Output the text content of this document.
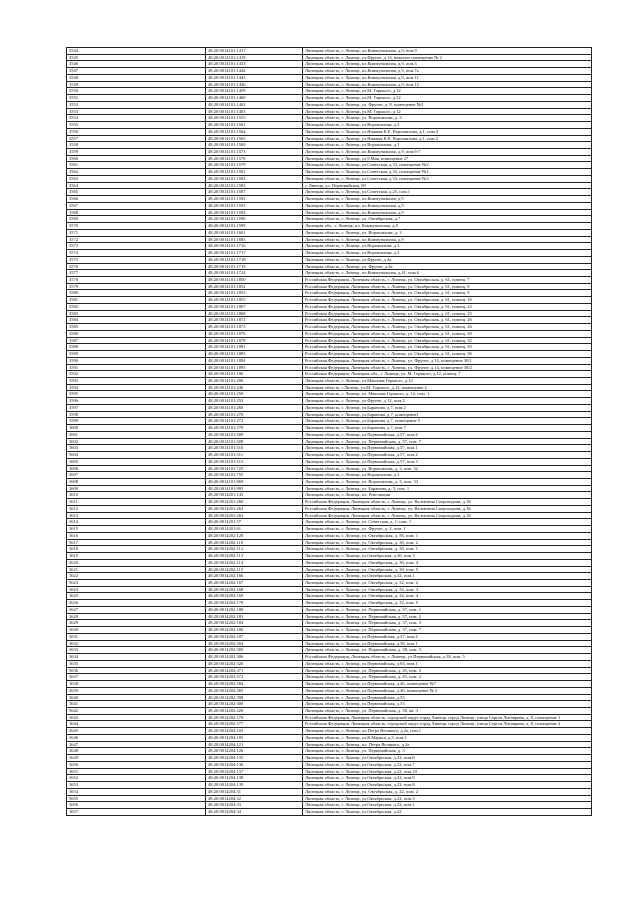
3544	48:20:0014101:1417	Липецкая область, г. Липецк, пл.Коммунальная, д.9, пом.9
3545	48:20:0014101:1419	Липецкая область, г. Липецк, ул.Фрунзе, д.14, нежилое помещение № 2
3546	48:20:0014101:1433	Липецкая область, г. Липецк, пл.Коммунальная, д.9, пом.3
3547	48:20:0014101:1444	Липецкая область, г. Липецк, пл.Коммунальная, д.9, пом.7а
3548	48:20:0014101:1445	Липецкая область, г. Липецк, пл.Коммунальная, д.9, пом.11
3549	48:20:0014101:1446	Липецкая область, г. Липецк, пл.Коммунальная, д.9, пом.12
3550	48:20:0014101:1459	Липецкая область, г. Липецк, ул.М. Горького, д.12
3551	48:20:0014101:1460	Липецкая область, г. Липецк, ул.М. Горького, д.12
3552	48:20:0014101:1462	Липецкая область, г. Липецк, ул. Фрунзе, д. 8, помещение №3
3553	48:20:0014101:1463	Липецкая область, г. Липецк, ул.М. Горького, д.12
3554	48:20:0014101:1555	Липецкая область, г. Липецк, ул. Ворошилова, д. 3
3555	48:20:0014101:1561	Липецкая область, г. Липецк, ул.Ворошилова, д.3
3556	48:20:0014101:1564	Липецкая область, г. Липецк, ул.Нижняя К.Е. Ворошилова, д.1, пом.4
3557	48:20:0014101:1565	Липецкая область, г. Липецк, ул.Нижняя К.Е. Ворошилова, д.1, пом.2
3558	48:20:0014101:1569	Липецкая область, г. Липецк, ул.Ворошилова, д.1
3559	48:20:0014101:1573	Липецкая область, г. Липецк, пл.Коммунальная, д.9, пом.6-7
3560	48:20:0014101:1578	Липецкая область, г. Липецк, ул.9 Мая, помещение 27
3561	48:20:0014101:1579	Липецкая область, г. Липецк, ул.Советская, д.33, помещение №2
3562	48:20:0014101:1581	Липецкая область, г. Липецк, ул.Советская, д.33, помещение №1
3563	48:20:0014101:1582	Липецкая область, г. Липецк, ул.Советская, д.33, помещение №3
3564	48:20:0014101:1583	г. Липецк, ул. Первомайская, 80
3565	48:20:0014101:1587	Липецкая область, г. Липецк, ул.Советская, д.25, пом.1
3566	48:20:0014101:1592	Липецкая область, г. Липецк, пл.Коммунальная, д.9
3567	48:20:0014101:1593	Липецкая область, г. Липецк, пл.Коммунальная, д.9
3568	48:20:0014101:1594	Липецкая область, г. Липецк, пл.Коммунальная, д.9
3569	48:20:0014101:1596	Липецкая область, г. Липецк, ул. Октябрьская, д.7
3570	48:20:0014101:1599	Липецкая обл., г. Липецк, пл. Коммунальная, д.9
3571	48:20:0014101:1601	Липецкая область, г. Липецк, ул. Ворошилова, д. 3
3572	48:20:0014101:1685	Липецкая область, г. Липецк, пл.Коммунальная, д.9
3573	48:20:0014101:1716	Липецкая область, г. Липецк, ул.Ворошилова, д.3
3574	48:20:0014101:1717	Липецкая область, г. Липецк, ул.Ворошилова, д.3
3575	48:20:0014101:1718	Липецкая область, г. Липецк, ул.Фрунзе, д.4а
3576	48:20:0014101:1719	Липецкая область, г. Липецк, ул. Фрунзе, д.4а
3577	48:20:0014101:1724	Липецкая область, г. Липецк, пл.Коммунальная, д.41, пом.6
3578	48:20:0014101:1850	Российская Федерация, Липецкая область, г. Липецк, ул. Октябрьская, д. 61, помещ. 7
3579	48:20:0014101:1852	Российская Федерация, Липецкая область, г. Липецк, ул. Октябрьская, д. 61, помещ. 8
3580	48:20:0014101:1853	Российская Федерация, Липецкая область, г. Липецк, ул. Октябрьская, д. 61, помещ. 9
3581	48:20:0014101:1855	Российская Федерация, Липецкая область, г. Липецк, ул. Октябрьская, д. 61, помещ. 16
3582	48:20:0014101:1867	Российская Федерация, Липецкая область, г. Липецк, ул. Октябрьская, д. 61, помещ. 22
3583	48:20:0014101:1868	Российская Федерация, Липецкая область, г. Липецк, ул. Октябрьская, д. 61, помещ. 23
3584	48:20:0014101:1872	Российская Федерация, Липецкая область, г. Липецк, ул. Октябрьская, д. 61, помещ. 26
3585	48:20:0014101:1873	Российская Федерация, Липецкая область, г. Липецк, ул. Октябрьская, д. 61, помещ. 26
3586	48:20:0014101:1876	Российская Федерация, Липецкая область, г. Липецк, ул. Октябрьская, д. 61, помещ. 30
3587	48:20:0014101:1878	Российская Федерация, Липецкая область, г. Липецк, ул. Октябрьская, д. 61, помещ. 32
3588	48:20:0014101:1881	Российская Федерация, Липецкая область, г. Липецк, ул. Октябрьская, д. 61, помещ. 35
3589	48:20:0014101:1885	Российская Федерация, Липецкая область, г. Липецк, ул. Октябрьская, д. 61, помещ. 36
3590	48:20:0014101:1894	Российская Федерация, Липецкая область, г. Липецк, ул. Фрунзе, д.14, помещение 30/1
3591	48:20:0014101:1895	Российская Федерация, Липецкая область, г. Липецк, ул. Фрунзе, д.14, помещение 30/2
3592	48:20:0014101:196	Российская Федерация, Липецкая обл., г. Липецк, ул. М. Горького, д.12, помещ. 7
3593	48:20:0014101:206	Липецкая область, г. Липецк, ул.Максима Горького, д.12
3594	48:20:0014101:246	Липецкая область, г.Липецк, ул.М. Горького, д.12, помещение 2
3595	48:20:0014101:250	Липецкая область, г. Липецк, ул. Максима Горького, д. 12, пом. 1
3596	48:20:0014101:253	Липецкая область, г. Липецк, ул.Фрунзе, д.12, пом.2
3597	48:20:0014101:260	Липецкая область, г. Липецк, ул.Баранова, д.7, пом.2
3598	48:20:0014101:270	Липецкая область, г. Липецк, ул.Баранова, д.7, помещение1
3599	48:20:0014101:272	Липецкая область, г. Липецк, ул.Баранова, д.7, помещение 5
3600	48:20:0014101:279	Липецкая область, г. Липецк, ул.Баранова, д.7, пом.7
3601	48:20:0014101:500	Липецкая область, г. Липецк, ул.Первомайская, д.57, пом.4
3602	48:20:0014101:508	Липецкая область, г. Липецк, ул. Первомайская, д. 57, пом. 7
3603	48:20:0014101:510	Липецкая область, г. Липецк, ул.Первомайская, д.57, пом.1
3604	48:20:0014101:511	Липецкая область, г. Липецк, ул.Первомайская, д.57, пом.2
3605	48:20:0014101:513	Липецкая область, г. Липецк, ул.Первомайская, д.57, пом.3
3606	48:20:0014101:725	Липецкая область, г. Липецк, ул. Ворошилова, д. 3, пом. 32
3607	48:20:0014101:755	Липецкая область, г. Липецк, ул.Ворошилова, д.3
3608	48:20:0014101:869	Липецкая область, г. Липецк, ул. Ворошилова, д. 3, пом. 33
3609	48:20:0014101:995	Липецкая область, г. Липецк, ул. Баранова, д. 5, пом. 1
3610	48:20:0014201:143	Липецкая область, г. Липецк, пл. Революции
3611	48:20:0014201:260	Российская Федерация, Липецкая область, г. Липецк, ул. Валентина Скороходова, д.1Б
3612	48:20:0014201:262	Российская Федерация, Липецкая область, г. Липецк, ул. Валентина Скороходова, д.1Б
3613	48:20:0014201:263	Российская Федерация, Липецкая область, г. Липецк, ул. Валентина Скороходова, д.1Б
3614	48:20:0014201:57	Липецкая область, г. Липецк, ул. Советская, д. 1, пом. 1
3615	48:20:0014201:61	Липецкая область, г. Липецк, ул. Фрунзе, д. 2, пом. 1
3616	48:20:0014202:128	Липецкая область, г. Липецк, ул. Октябрьская, д. 56, пом. 1
3617	48:20:0014202:110	Липецкая область, г. Липецк, ул. Октябрьская, д. 30, пом. 2
3618	48:20:0014202:112	Липецкая область, г. Липецк, ул. Октябрьская, д. 30, пом. 1
3619	48:20:0014202:113	Липецкая область, г. Липецк, ул.Октябрьская, д.30, пом.3
3620	48:20:0014202:114	Липецкая область, г. Липецк, ул. Октябрьская, д. 30, пом. 4
3621	48:20:0014202:115	Липецкая область, г. Липецк, ул. Октябрьская, д. 30, пом. 5
3622	48:20:0014202:166	Липецкая область, г. Липецк, ул.Октябрьская, д.32, пом.1
3623	48:20:0014202:167	Липецкая область, г. Липецк, ул. Октябрьская, д. 32, пом. 2
3624	48:20:0014202:168	Липецкая область, г. Липецк, ул. Октябрьская, д. 32, пом. 3
3625	48:20:0014202:169	Липецкая область, г. Липецк, ул. Октябрьская, д. 32, пом. 4
3626	48:20:0014202:170	Липецкая область, г. Липецк, ул. Октябрьская, д. 32, пом. 5
3627	48:20:0014202:180	Липецкая область, г. Липецк, ул. Первомайская, д. 37, пом. 1
3628	48:20:0014202:183	Липецкая область, г. Липецк, ул. Первомайская, д. 37, пом. 2
3629	48:20:0014202:184	Липецкая область, г. Липецк, ул. Первомайская, д. 37, пом. 3
3630	48:20:0014202:186	Липецкая область, г. Липецк, ул. Первомайская, д. 37, пом. 7
3631	48:20:0014202:187	Липецкая область, г. Липецк, ул.Первомайская, д.37, пом.4
3632	48:20:0014202:304	Липецкая область, г. Липецк, ул.Первомайская, д.38, пом.1
3633	48:20:0014202:305	Липецкая область, г. Липецк, ул. Первомайская, д. 38, пом. 3
3634	48:20:0014202:306	Российская Федерация, Липецкая область, г. Липецк, ул.Первомайская, д.38, пом. 5
3635	48:20:0014202:326	Липецкая область, г. Липецк, ул.Первомайская, д.63, пом.1
3636	48:20:0014202:371	Липецкая область, г. Липецк, ул. Первомайская, д. 45, пом. 3
3637	48:20:0014202:372	Липецкая область, г. Липецк, ул. Первомайская, д. 45, пом. 2
3638	48:20:0014202:384	Липецкая область, г. Липецк, ул.Первомайская, д.46, помещение №7
3639	48:20:0014202:385	Липецкая область, г. Липецк, ул.Первомайская, д.46, помещение № 3
3640	48:20:0014202:398	Липецкая область, г. Липецк, ул.Первомайская, д.53
3641	48:20:0014202:400	Липецкая область, г. Липецк, ул.Первомайская, д.53
3642	48:20:0014202:420	Липецкая область, г. Липецк, ул. Первомайская, д. 38, кв. 3
3643	48:20:0014202:576	Российская Федерация, Липецкая область, городской округ город Липецк, город Липецк, улица Сергея Литаврина, д. 8, помещение 1
3644	48:20:0014202:577	Российская Федерация, Липецкая область, городской округ город Липецк, город Липецк, улица Сергея Литаврина, д. 8, помещение 2
3645	48:20:0014204:103	Липецкая область, г. Липецк, пл.Петра Великого, д.2а, пом.1
3646	48:20:0014204:105	Липецкая область, г. Липецк, ул.К.Маркса, д.5, пом.1
3647	48:20:0014204:121	Липецкая область, г. Липецк, пл. Петра Великого, д.2а
3648	48:20:0014204:126	Липецкая область, г. Липецк, ул. Первомайская, д. 3
3649	48:20:0014204:135	Липецкая область, г. Липецк, ул.Октябрьская, д.22, пом.6
3650	48:20:0014204:136	Липецкая область, г. Липецк, ул.Октябрьская, д.22, пом.7
3651	48:20:0014204:137	Липецкая область, г. Липецк, ул.Октябрьская, д.22, пом.10
3652	48:20:0014204:138	Липецкая область, г. Липецк, ул.Октябрьская, д.22, пом.9
3653	48:20:0014204:139	Липецкая область, г. Липецк, ул.Октябрьская, д.22, пом.8
3654	48:20:0014204:31	Липецкая область, г. Липецк, ул. Октябрьская, д. 22, пом. 2
3655	48:20:0014204:32	Липецкая область, г. Липецк, ул.Октябрьская, д.22, пом.3
3656	48:20:0014204:33	Липецкая область, г. Липецк, ул.Октябрьская, д.22, пом.1
3657	48:20:0014204:34	Липецкая область, г. Липецк, ул.Октябрьская, д.22
